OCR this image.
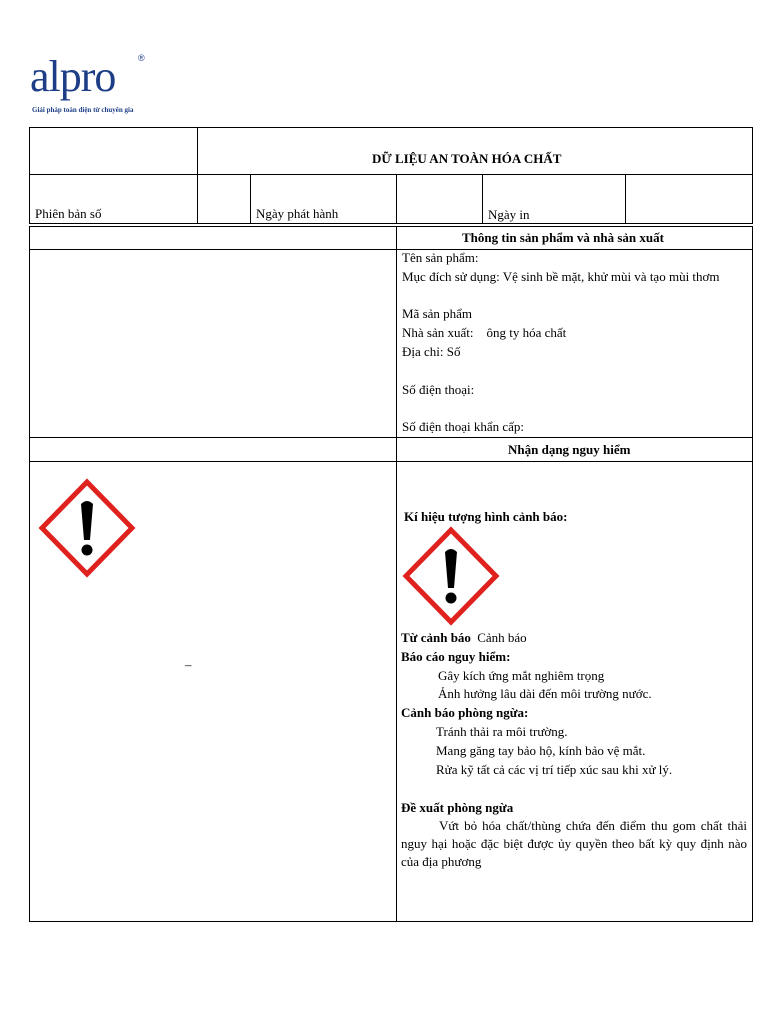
alpro	®
Giải pháp toàn diện từ chuyên gia
DỮ LIỆU AN TOÀN HÓA CHẤT
Phiên bản số	Ngày phát hành	Ngày in
Thông tin sản phẩm và nhà sản xuất
Tên sản phẩm:
Mục đích sử dụng: Vệ sinh bề mặt, khử mùi và tạo mùi thơm
Mã sản phẩm
Nhà sản xuất:    ông ty hóa chất
Địa chỉ: Số
Số điện thoại:
Số điện thoại khẩn cấp:
Nhận dạng nguy hiểm
–
Kí hiệu tượng hình cảnh báo:
Từ cảnh báo Cảnh báo
Báo cáo nguy hiểm:
Gây kích ứng mắt nghiêm trọng
Ảnh hưởng lâu dài đến môi trường nước.
Cảnh báo phòng ngừa:
Tránh thải ra môi trường.
Mang găng tay bảo hộ, kính bảo vệ mắt.
Rửa kỹ tất cả các vị trí tiếp xúc sau khi xử lý.
Đề xuất phòng ngừa
Vứt bỏ hóa chất/thùng chứa đến điểm thu gom chất thải nguy hại hoặc đặc biệt được ủy quyền theo bất kỳ quy định nào của địa phương
